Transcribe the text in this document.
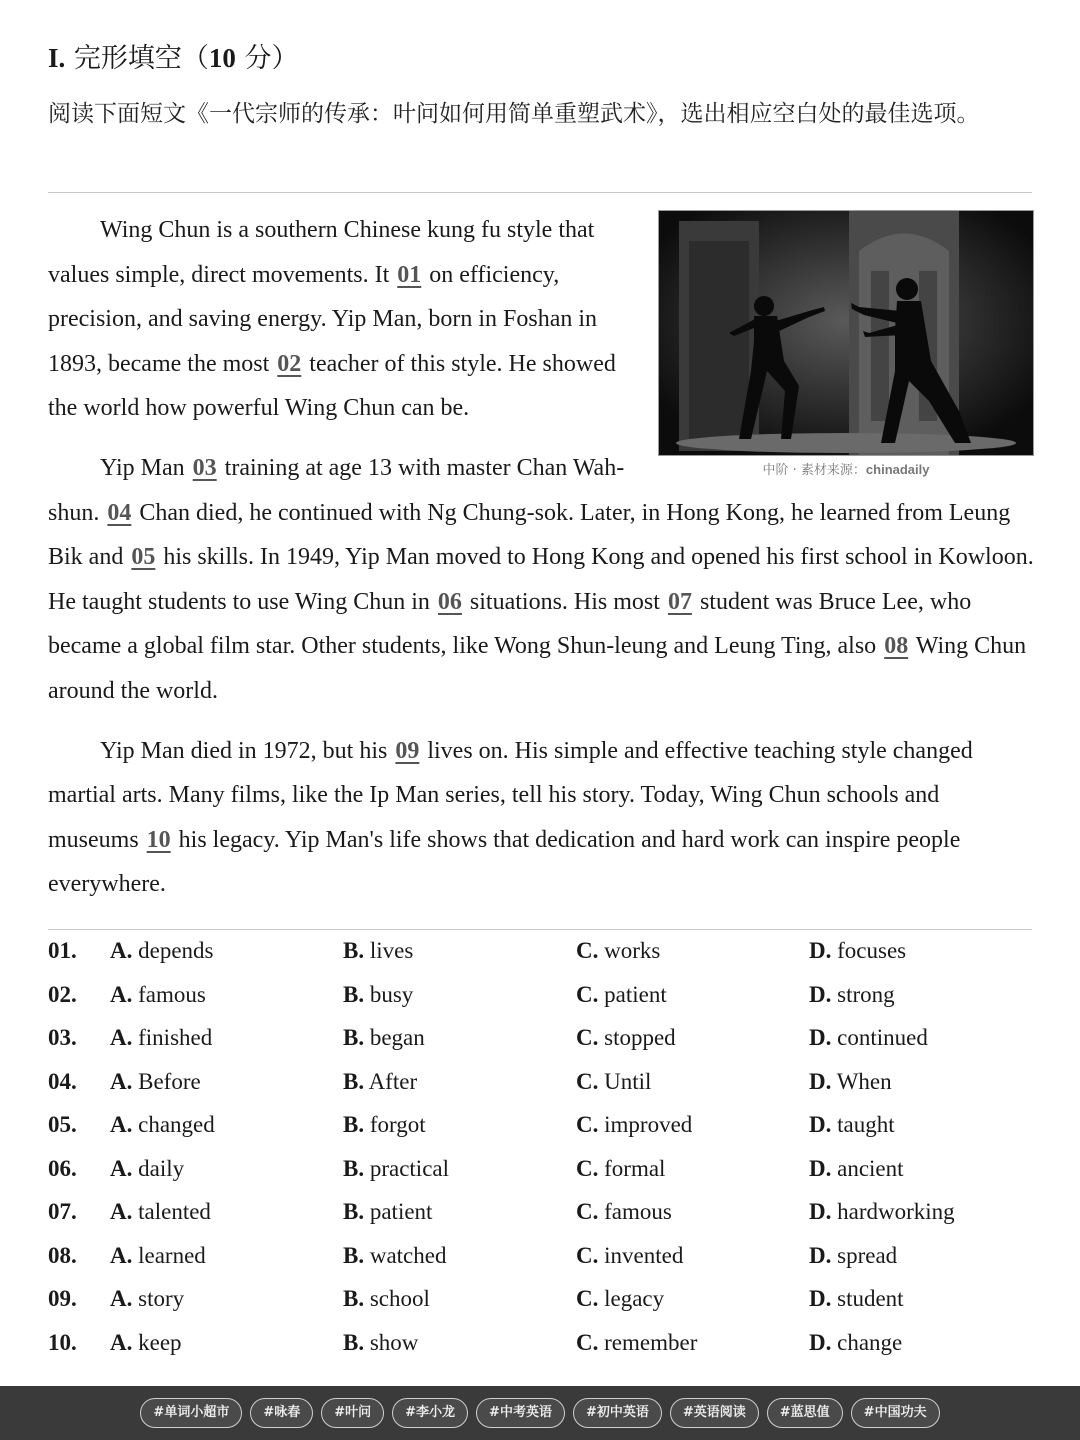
I. 完形填空（10 分）
阅读下面短文《一代宗师的传承：叶问如何用简单重塑武术》，选出相应空白处的最佳选项。

中阶 · 素材来源：chinadaily
Wing Chun is a southern Chinese kung fu style that values simple, direct movements. It 01 on efficiency, precision, and saving energy. Yip Man, born in Foshan in 1893, became the most 02 teacher of this style. He showed the world how powerful Wing Chun can be.

Yip Man 03 training at age 13 with master Chan Wah-shun. 04 Chan died, he continued with Ng Chung-sok. Later, in Hong Kong, he learned from Leung Bik and 05 his skills. In 1949, Yip Man moved to Hong Kong and opened his first school in Kowloon. He taught students to use Wing Chun in 06 situations. His most 07 student was Bruce Lee, who became a global film star. Other students, like Wong Shun-leung and Leung Ting, also 08 Wing Chun around the world.

Yip Man died in 1972, but his 09 lives on. His simple and effective teaching style changed martial arts. Many films, like the Ip Man series, tell his story. Today, Wing Chun schools and museums 10 his legacy. Yip Man's life shows that dedication and hard work can inspire people everywhere.

01. A. depends	B. lives	C. works	D. focuses
02. A. famous	B. busy	C. patient	D. strong
03. A. finished	B. began	C. stopped	D. continued
04. A. Before	B. After	C. Until	D. When
05. A. changed	B. forgot	C. improved	D. taught
06. A. daily	B. practical	C. formal	D. ancient
07. A. talented	B. patient	C. famous	D. hardworking
08. A. learned	B. watched	C. invented	D. spread
09. A. story	B. school	C. legacy	D. student
10. A. keep	B. show	C. remember	D. change
#单词小超市	#咏春	#叶问	#李小龙	#中考英语	#初中英语	#英语阅读	#蓝思值	#中国功夫
